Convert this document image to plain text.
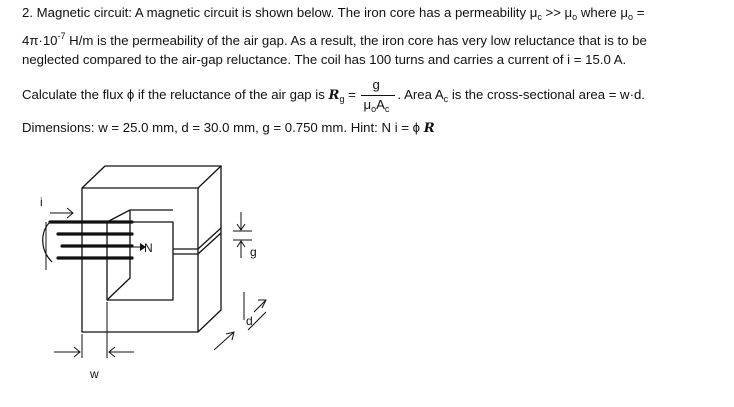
2. Magnetic circuit: A magnetic circuit is shown below. The iron core has a permeability $\mu_c >> \mu_o$ where $\mu_o$ =
$4\pi\cdot 10^{-7}$ H/m is the permeability of the air gap. As a result, the iron core has very low reluctance that is to be
neglected compared to the air-gap reluctance. The coil has 100 turns and carries a current of i = 15.0 A.
Calculate the flux ϕ if the reluctance of the air gap is $R_g = \frac{g}{\mu_oA_c}$ . Area $A_c$ is the cross-sectional area = w·d.
Dimensions: w = 25.0 mm, d = 30.0 mm, g = 0.750 mm. Hint: N i = ϕ R
i
N	g
d
w
